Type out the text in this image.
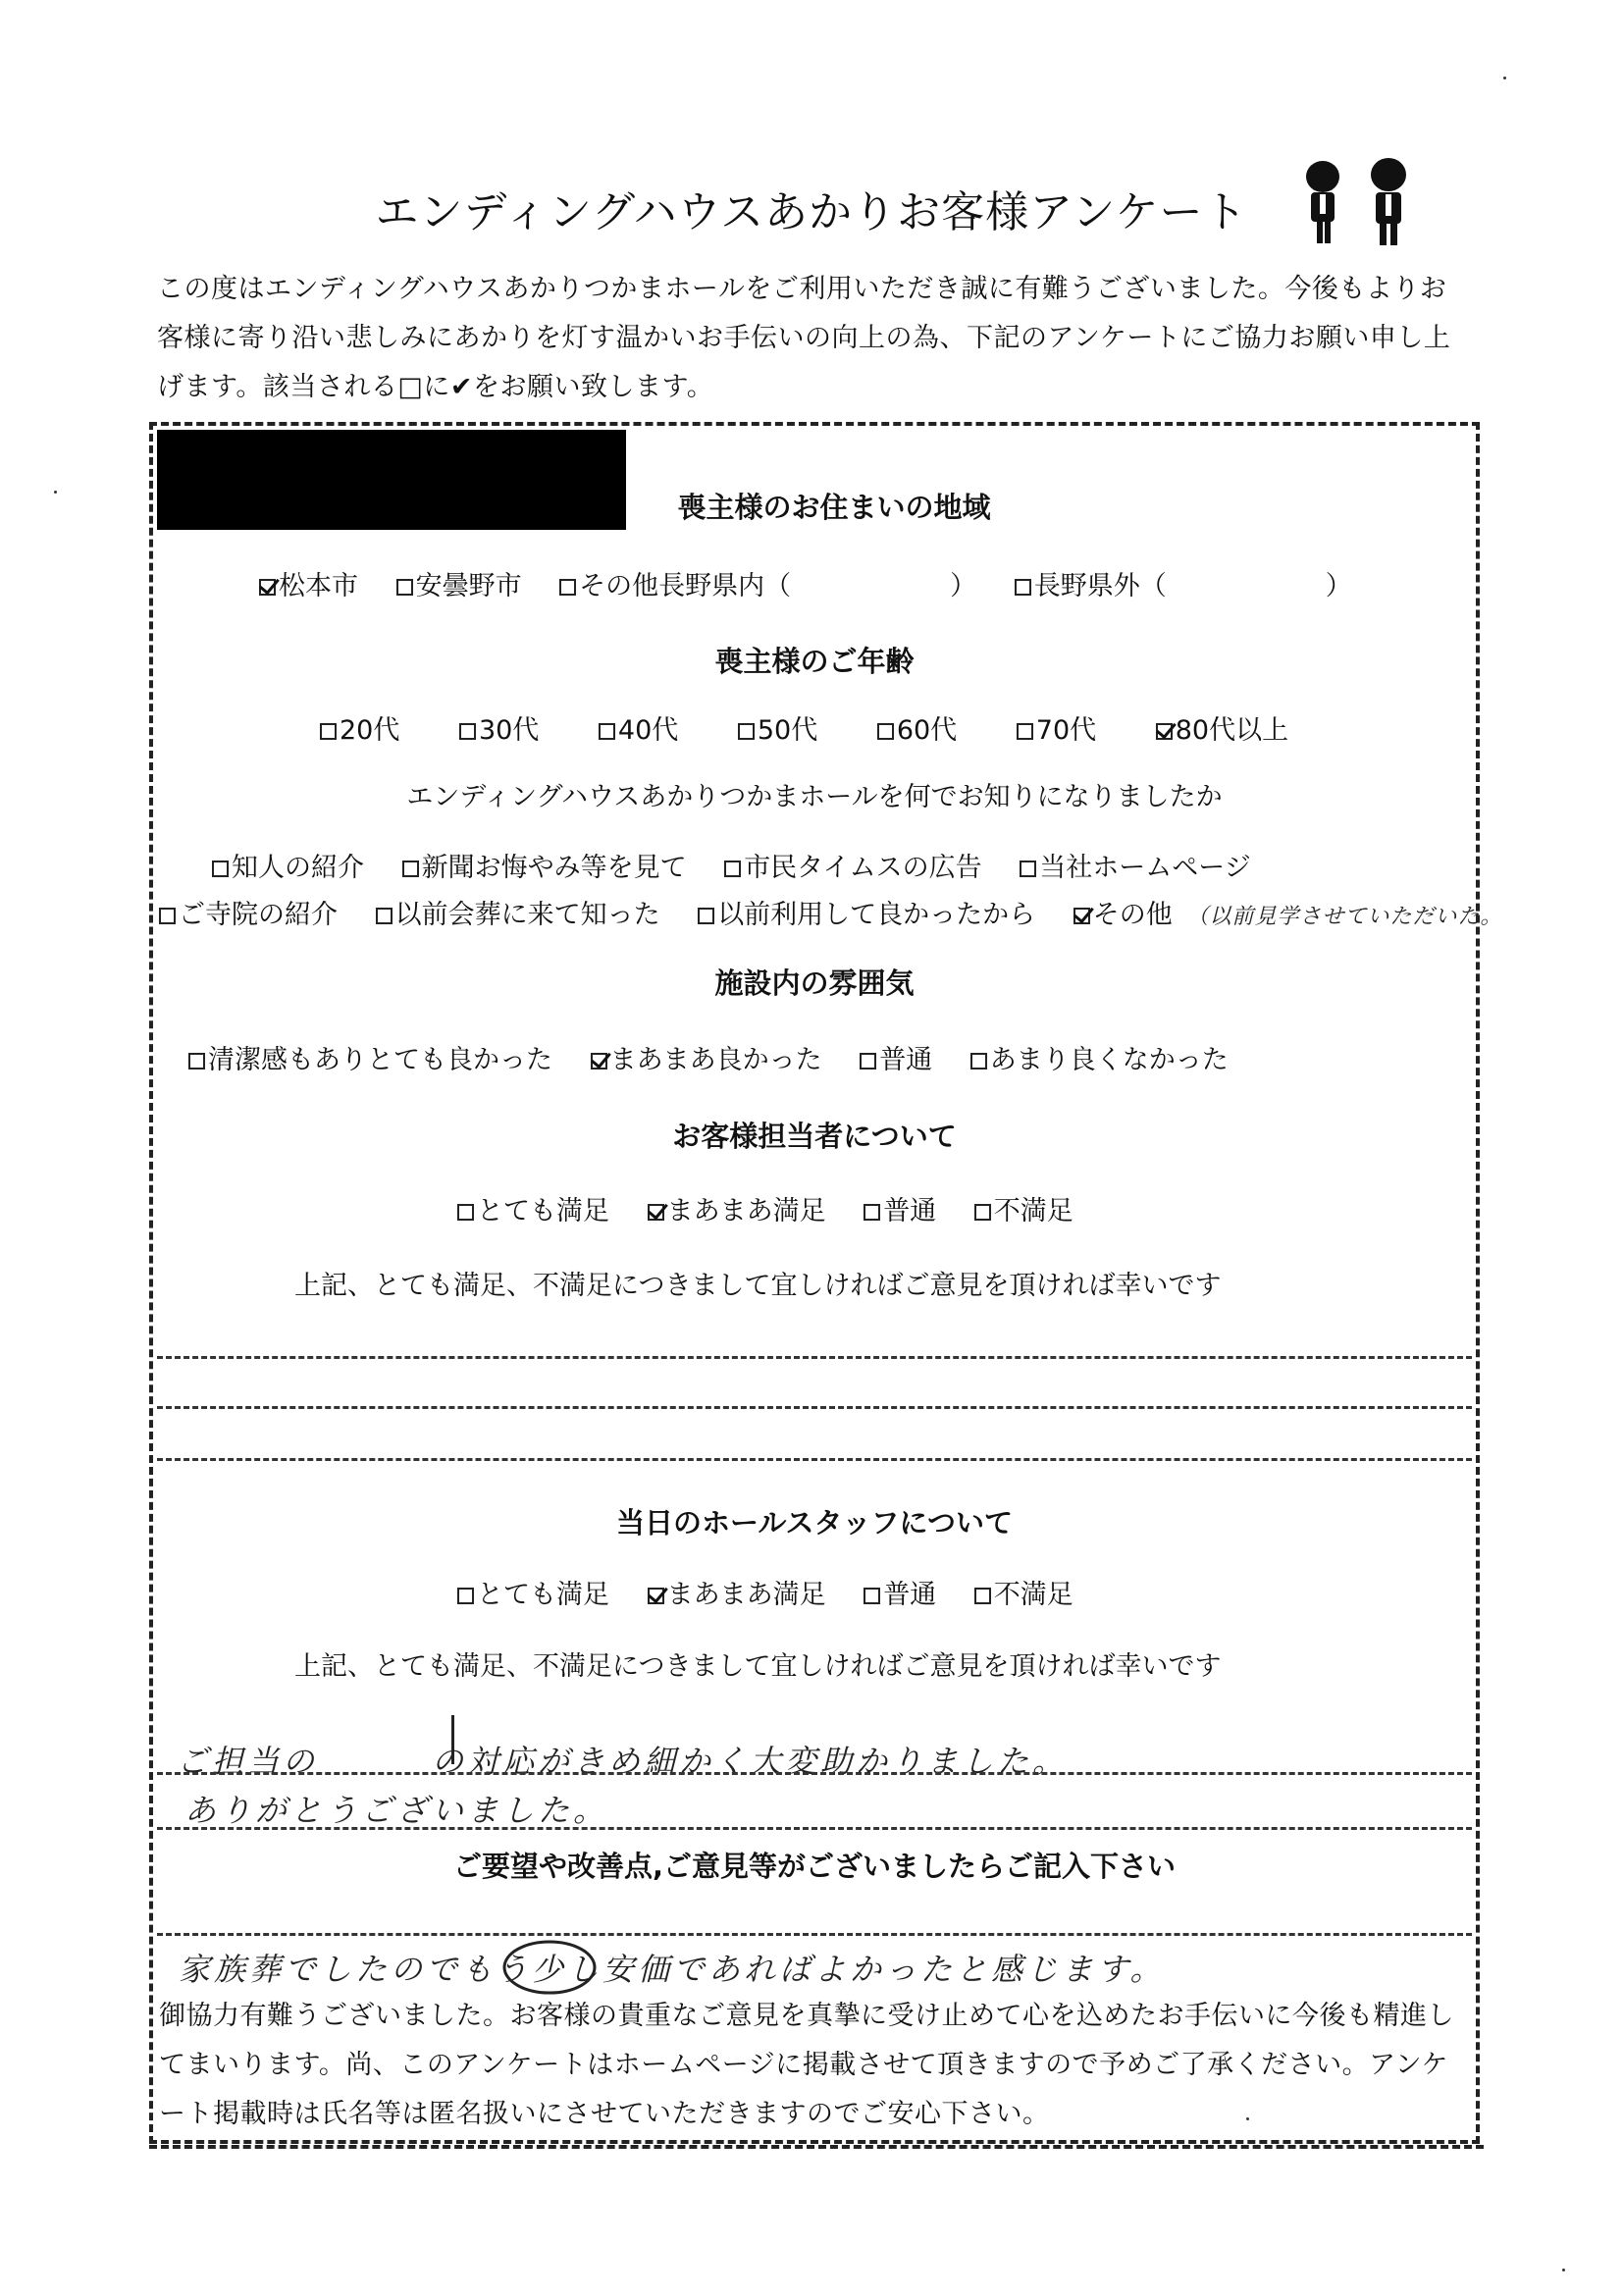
エンディングハウスあかりお客様アンケート
この度はエンディングハウスあかりつかまホールをご利用いただき誠に有難うございました。今後もよりお客様に寄り沿い悲しみにあかりを灯す温かいお手伝いの向上の為、下記のアンケートにご協力お願い申し上げます。該当される□に✔をお願い致します。
喪主様のお住まいの地域
松本市 安曇野市 その他長野県内（　　　　　　） 長野県外（　　　　　　）
喪主様のご年齢
20代	30代	40代	50代	60代	70代	80代以上
エンディングハウスあかりつかまホールを何でお知りになりましたか
知人の紹介 新聞お悔やみ等を見て 市民タイムスの広告 当社ホームページ
ご寺院の紹介 以前会葬に来て知った 以前利用して良かったから その他 （以前見学させていただいた。
施設内の雰囲気
清潔感もありとても良かった まあまあ良かった 普通 あまり良くなかった
お客様担当者について
とても満足 まあまあ満足 普通 不満足
上記、とても満足、不満足につきまして宜しければご意見を頂ければ幸いです
当日のホールスタッフについて
とても満足 まあまあ満足 普通 不満足
上記、とても満足、不満足につきまして宜しければご意見を頂ければ幸いです
ご担当の	の対応がきめ細かく大変助かりました。
ありがとうございました。
ご要望や改善点,ご意見等がございましたらご記入下さい
家族葬でしたのでもう少し安価であればよかったと感じます。
御協力有難うございました。お客様の貴重なご意見を真摯に受け止めて心を込めたお手伝いに今後も精進してまいります。尚、このアンケートはホームページに掲載させて頂きますので予めご了承ください。アンケート掲載時は氏名等は匿名扱いにさせていただきますのでご安心下さい。
